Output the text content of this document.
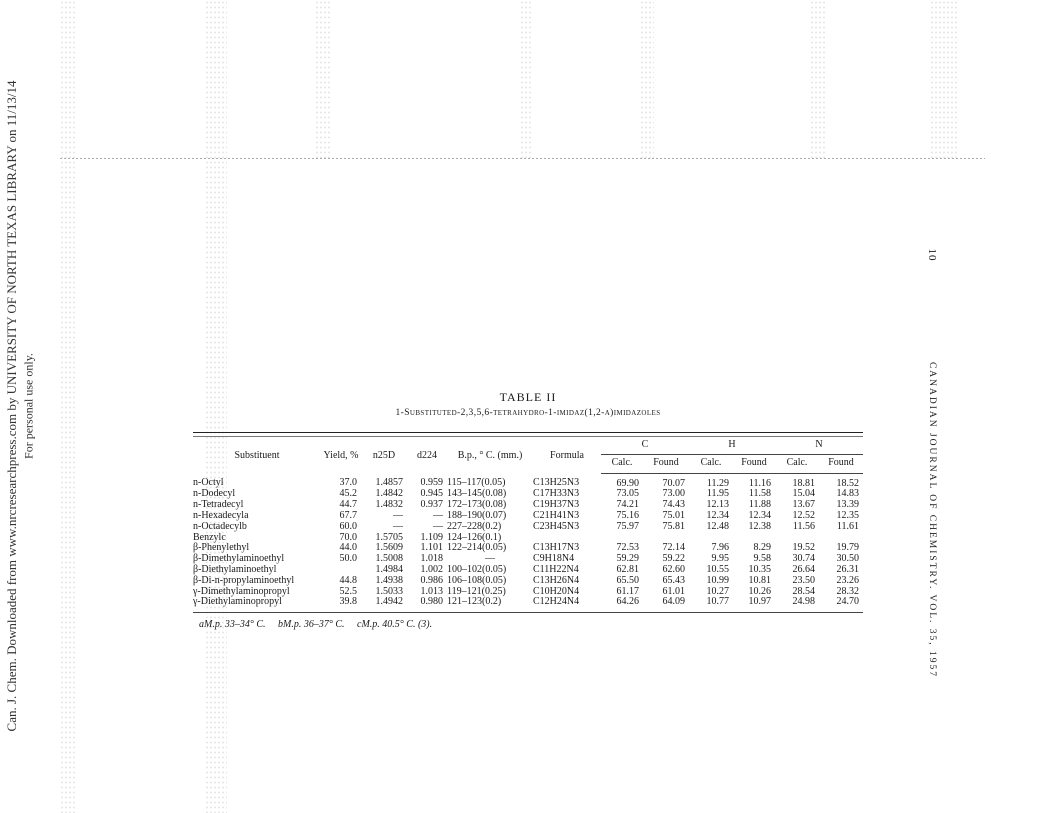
Can. J. Chem. Downloaded from www.nrcresearchpress.com by UNIVERSITY OF NORTH TEXAS LIBRARY on 11/13/14 For personal use only.
10
CANADIAN JOURNAL OF CHEMISTRY. VOL. 35, 1957
TABLE II
1-Substituted-2,3,5,6-tetrahydro-1-imidaz(1,2-a)imidazoles
Substituent	Yield, %	n25D	d224	B.p., ° C. (mm.)	Formula	C		H		N	
						Calc.	Found	Calc.	Found	Calc.	Found
n-Octyl	37.0	1.4857	0.959	115–117(0.05)	C13H25N3	69.90	70.07	11.29	11.16	18.81	18.52
n-Dodecyl	45.2	1.4842	0.945	143–145(0.08)	C17H33N3	73.05	73.00	11.95	11.58	15.04	14.83
n-Tetradecyl	44.7	1.4832	0.937	172–173(0.08)	C19H37N3	74.21	74.43	12.13	11.88	13.67	13.39
n-Hexadecyla	67.7	—	—	188–190(0.07)	C21H41N3	75.16	75.01	12.34	12.34	12.52	12.35
n-Octadecylb	60.0	—	—	227–228(0.2)	C23H45N3	75.97	75.81	12.48	12.38	11.56	11.61
Benzylc	70.0	1.5705	1.109	124–126(0.1)							
β-Phenylethyl	44.0	1.5609	1.101	122–214(0.05)	C13H17N3	72.53	72.14	7.96	8.29	19.52	19.79
β-Dimethylaminoethyl	50.0	1.5008	1.018	—	C9H18N4	59.29	59.22	9.95	9.58	30.74	30.50
β-Diethylaminoethyl		1.4984	1.002	100–102(0.05)	C11H22N4	62.81	62.60	10.55	10.35	26.64	26.31
β-Di-n-propylaminoethyl	44.8	1.4938	0.986	106–108(0.05)	C13H26N4	65.50	65.43	10.99	10.81	23.50	23.26
γ-Dimethylaminopropyl	52.5	1.5033	1.013	119–121(0.25)	C10H20N4	61.17	61.01	10.27	10.26	28.54	28.32
γ-Diethylaminopropyl	39.8	1.4942	0.980	121–123(0.2)	C12H24N4	64.26	64.09	10.77	10.97	24.98	24.70
aM.p. 33–34° C. bM.p. 36–37° C. cM.p. 40.5° C. (3).
